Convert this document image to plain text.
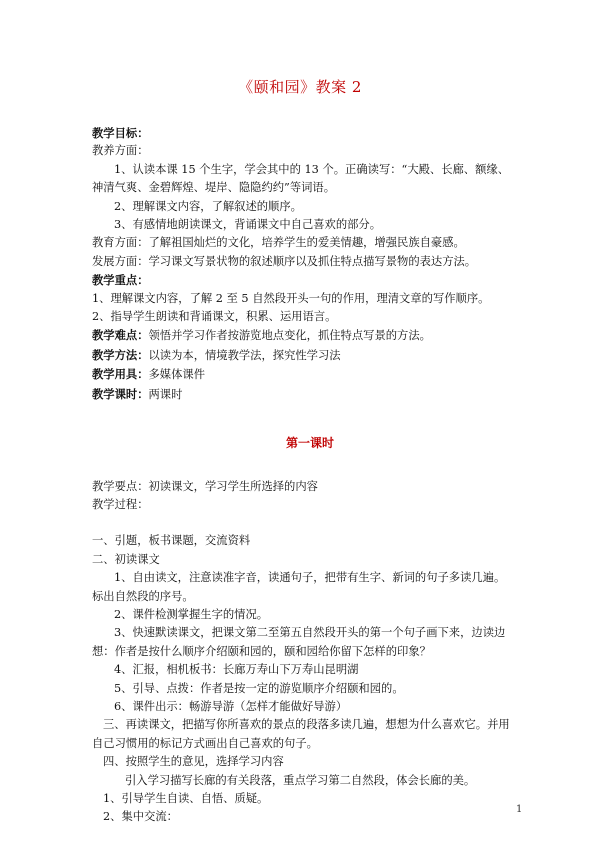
《颐和园》教案 2
教学目标：
教养方面：
1、认读本课 15 个生字，学会其中的 13 个。正确读写：“大殿、长廊、额缘、
神清气爽、金碧辉煌、堤岸、隐隐约约”等词语。
2、理解课文内容，了解叙述的顺序。
3、有感情地朗读课文，背诵课文中自己喜欢的部分。
教育方面：了解祖国灿烂的文化，培养学生的爱美情趣，增强民族自豪感。
发展方面：学习课文写景状物的叙述顺序以及抓住特点描写景物的表达方法。
教学重点：
1、理解课文内容，了解 2 至 5 自然段开头一句的作用，理清文章的写作顺序。
2、指导学生朗读和背诵课文，积累、运用语言。
教学难点：领悟并学习作者按游览地点变化，抓住特点写景的方法。
教学方法：以读为本，情境教学法，探究性学习法
教学用具：多媒体课件
教学课时：两课时
第一课时
教学要点：初读课文，学习学生所选择的内容
教学过程：
一、引题，板书课题，交流资料
二、初读课文
1、自由读文，注意读准字音，读通句子，把带有生字、新词的句子多读几遍。
标出自然段的序号。
2、课件检测掌握生字的情况。
3、快速默读课文，把课文第二至第五自然段开头的第一个句子画下来，边读边
想：作者是按什么顺序介绍颐和园的，颐和园给你留下怎样的印象？
4、汇报，相机板书：长廊万寿山下万寿山昆明湖
5、引导、点拨：作者是按一定的游览顺序介绍颐和园的。
6、课件出示：畅游导游（怎样才能做好导游）
三、再读课文，把描写你所喜欢的景点的段落多读几遍，想想为什么喜欢它。并用
自己习惯用的标记方式画出自己喜欢的句子。
四、按照学生的意见，选择学习内容
引入学习描写长廊的有关段落，重点学习第二自然段，体会长廊的美。
1、引导学生自读、自悟、质疑。
2、集中交流：
1
